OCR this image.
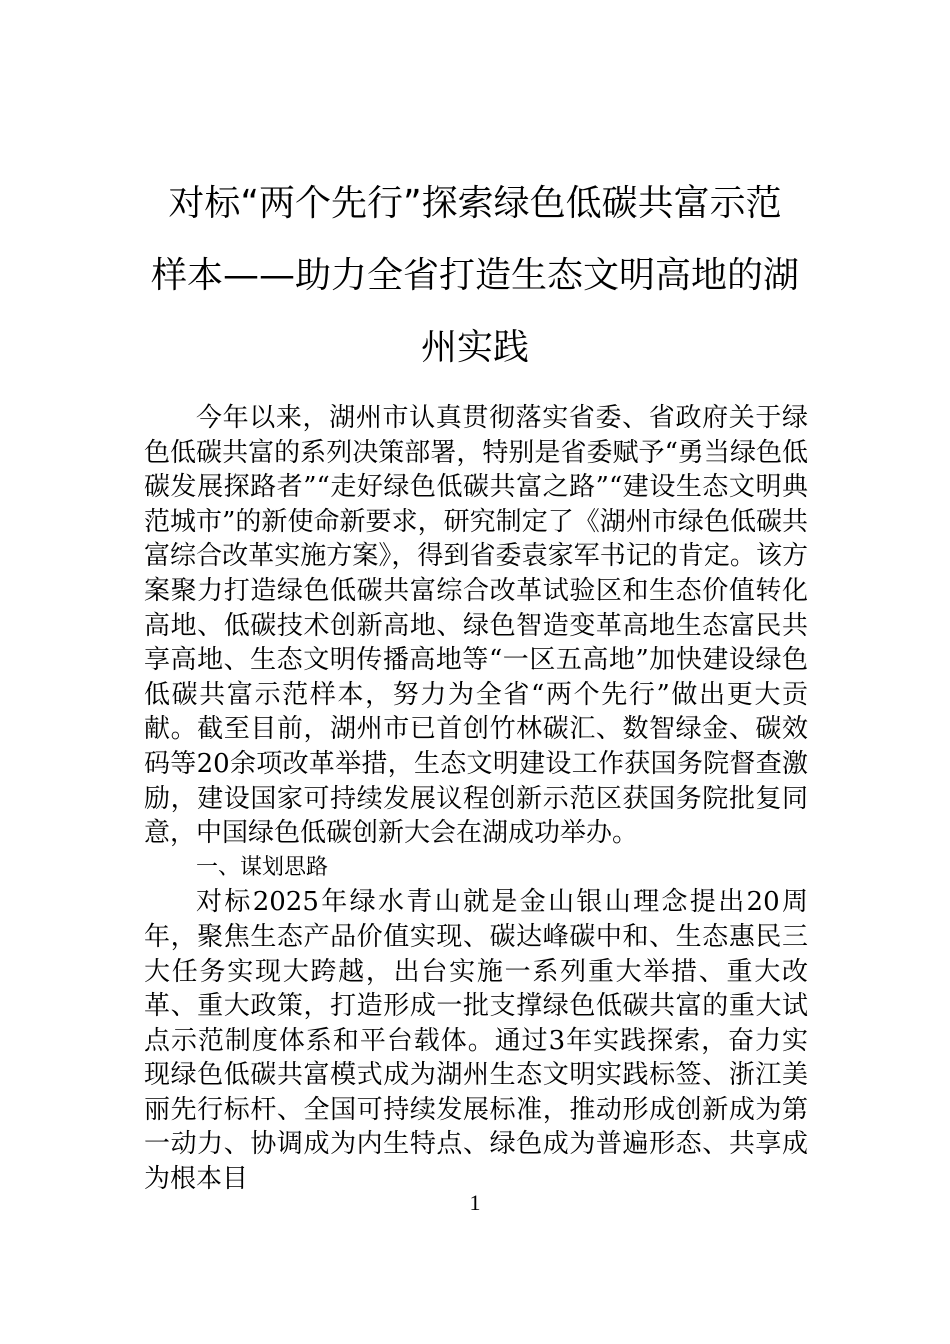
对标“两个先行”探索绿色低碳共富示范
样本——助力全省打造生态文明高地的湖
州实践

今年以来，湖州市认真贯彻落实省委、省政府关于绿色低碳共富的系列决策部署，特别是省委赋予“勇当绿色低碳发展探路者”“走好绿色低碳共富之路”“建设生态文明典范城市”的新使命新要求，研究制定了《湖州市绿色低碳共富综合改革实施方案》，得到省委袁家军书记的肯定。该方案聚力打造绿色低碳共富综合改革试验区和生态价值转化高地、低碳技术创新高地、绿色智造变革高地生态富民共享高地、生态文明传播高地等“一区五高地”加快建设绿色低碳共富示范样本，努力为全省“两个先行”做出更大贡献。截至目前，湖州市已首创竹林碳汇、数智绿金、碳效码等20余项改革举措，生态文明建设工作获国务院督查激励，建设国家可持续发展议程创新示范区获国务院批复同意，中国绿色低碳创新大会在湖成功举办。

一、谋划思路

对标2025年绿水青山就是金山银山理念提出20周年，聚焦生态产品价值实现、碳达峰碳中和、生态惠民三大任务实现大跨越，出台实施一系列重大举措、重大改革、重大政策，打造形成一批支撑绿色低碳共富的重大试点示范制度体系和平台载体。通过3年实践探索，奋力实现绿色低碳共富模式成为湖州生态文明实践标签、浙江美丽先行标杆、全国可持续发展标准，推动形成创新成为第一动力、协调成为内生特点、绿色成为普遍形态、共享成为根本目

1
